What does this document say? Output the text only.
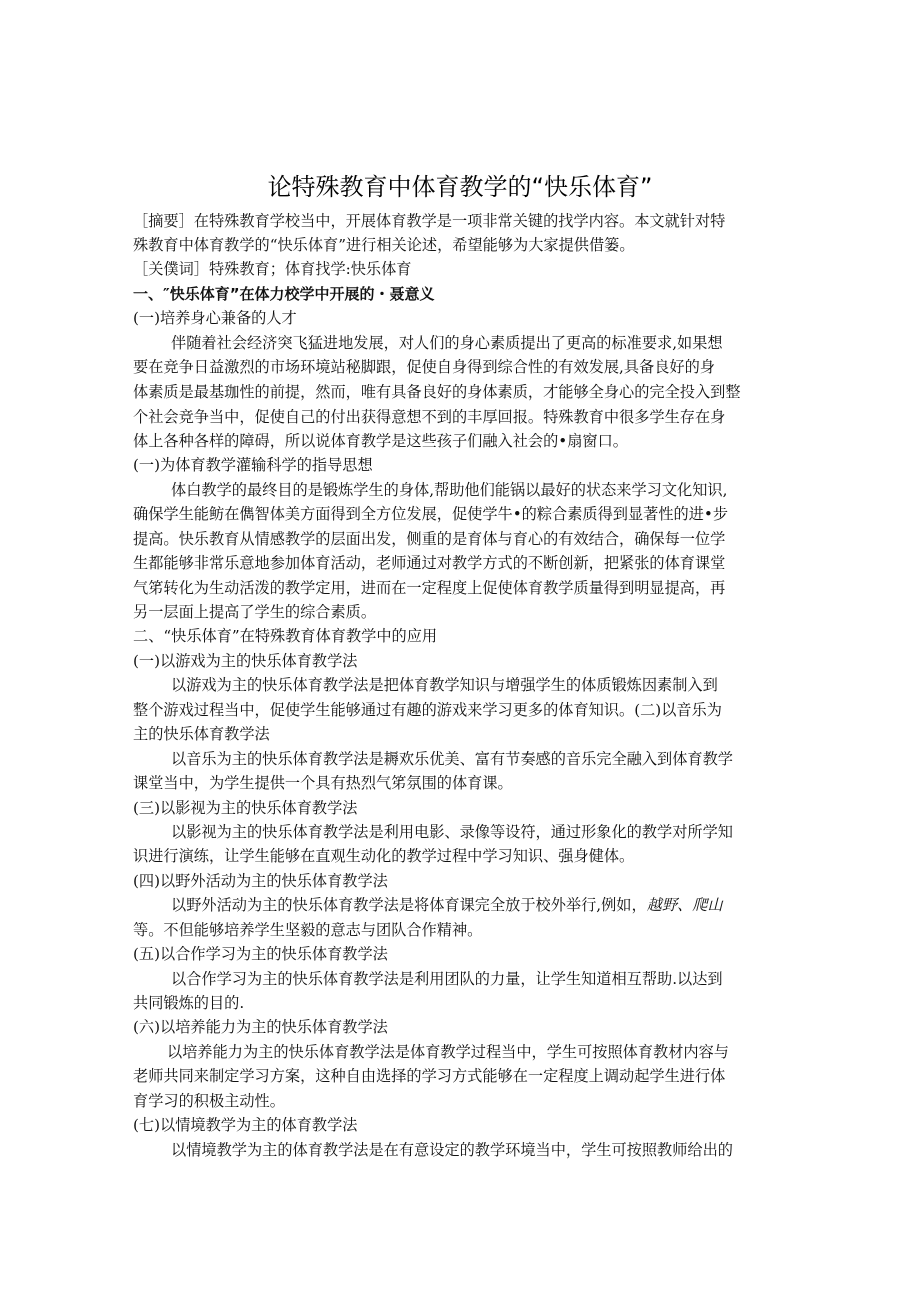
论特殊教育中体育教学的“快乐体育”
［摘要］在特殊教育学校当中，开展体育教学是一项非常关键的找学内容。本文就针对特
殊教育中体育教学的“快乐体育”进行相关论述，希望能够为大家提供借篓。
［关僕词］特殊教育；体育找学:快乐体育
一、″快乐体育”在体力校学中开展的・聂意义
(一)培养身心兼备的人才
伴随着社会经济突飞猛进地发展，对人们的身心素质提出了更高的标准要求,如果想
要在竞争日益激烈的市场环境站秘脚跟，促使自身得到综合性的有效发展,具备良好的身
体素质是最基珈性的前提，然而，唯有具备良好的身体素质，才能够全身心的完全投入到整
个社会竞争当中，促使自己的付出获得意想不到的丰厚回报。特殊教育中很多学生存在身
体上各种各样的障碍，所以说体育教学是这些孩子们融入社会的•扇窗口。
(一)为体育教学灌输科学的指导思想
体白教学的最终目的是锻炼学生的身体,帮助他们能锅以最好的状态来学习文化知识,
确保学生能鲂在儁智体美方面得到全方位发展，促使学牛•的粽合素质得到显著性的进•步
提高。快乐教育从情感教学的层面出发，侧重的是育体与育心的有效结合，确保每一位学
生都能够非常乐意地参加体育活动，老师通过对教学方式的不断创新，把紧张的体育课堂
气笫转化为生动活泼的教学定用，进而在一定程度上促使体育教学质量得到明显提高，再
另一层面上提高了学生的综合素质。
二、“快乐体育”在特殊教育体育教学中的应用
(一)以游戏为主的快乐体育教学法
以游戏为主的快乐体育教学法是把体育教学知识与增强学生的体质锻炼因素制入到
整个游戏过程当中，促使学生能够通过有趣的游戏来学习更多的体育知识。(二)以音乐为
主的快乐体育教学法
以音乐为主的快乐体育教学法是耨欢乐优美、富有节奏感的音乐完全融入到体育教学
课堂当中，为学生提供一个具有热烈气笫氛围的体育课。
(三)以影视为主的快乐体育教学法
以影视为主的快乐体育教学法是利用电影、录像等设符，通过形象化的教学对所学知
识进行演练，让学生能够在直观生动化的教学过程中学习知识、强身健体。
(四)以野外活动为主的快乐体育教学法
以野外活动为主的快乐体育教学法是将体育课完全放于校外举行,例如，越野、爬山
等。不但能够培养学生坚毅的意志与团队合作精神。
(五)以合作学习为主的快乐体育教学法
以合作学习为主的快乐体育教学法是利用团队的力量，让学生知道相互帮助.以达到
共同锻炼的目的.
(六)以培养能力为主的快乐体育教学法
以培养能力为主的快乐体育教学法是体育教学过程当中，学生可按照体育教材内容与
老师共同来制定学习方案，这种自由选择的学习方式能够在一定程度上调动起学生进行体
育学习的积极主动性。
(七)以情境教学为主的体育教学法
以情境教学为主的体育教学法是在有意设定的教学环境当中，学生可按照教师给出的
